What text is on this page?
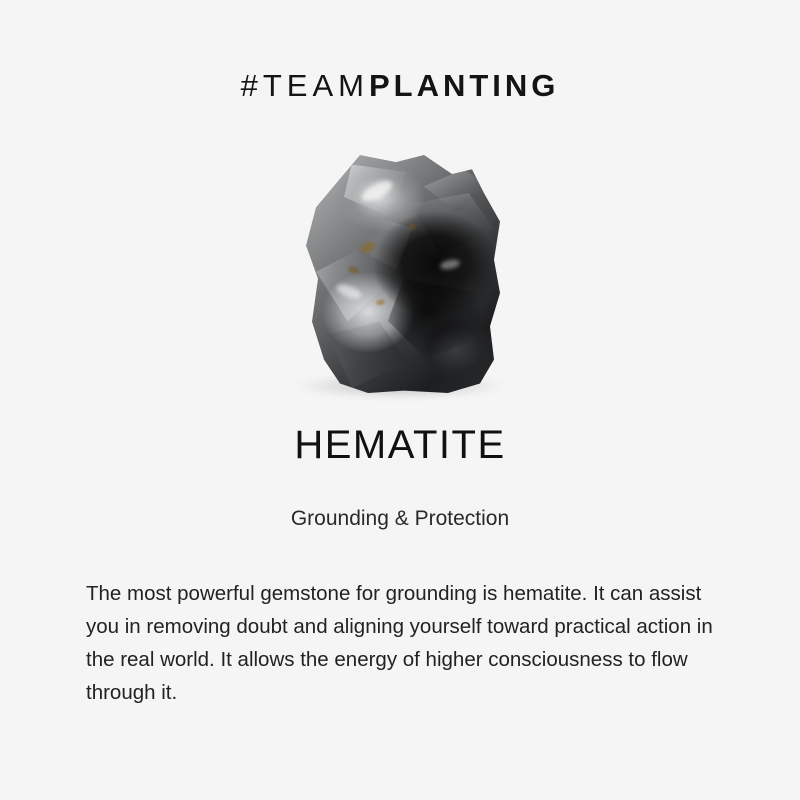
#TEAMPLANTING
HEMATITE
Grounding & Protection

The most powerful gemstone for grounding is hematite. It can assist you in removing doubt and aligning yourself toward practical action in the real world. It allows the energy of higher consciousness to flow through it.
